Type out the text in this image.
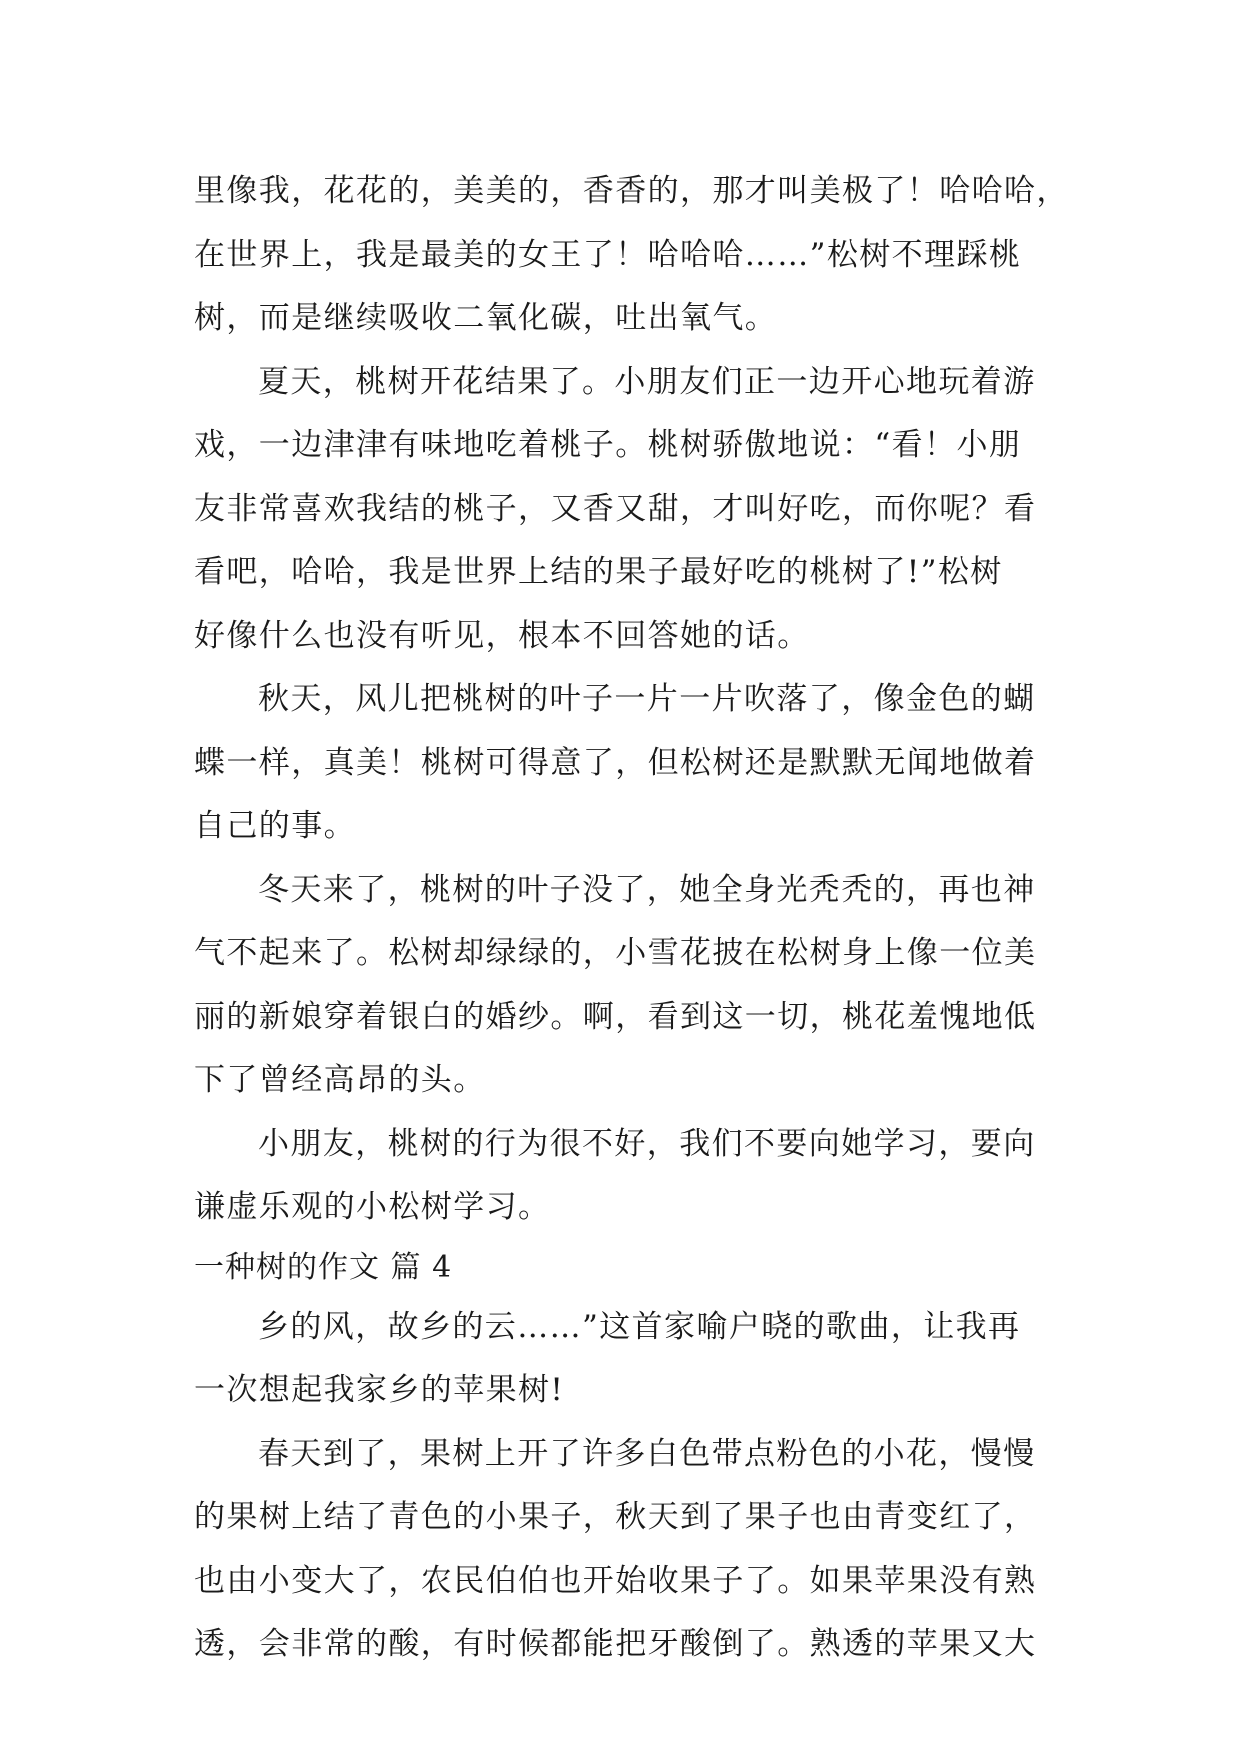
里像我，花花的，美美的，香香的，那才叫美极了！哈哈哈，
在世界上，我是最美的女王了！哈哈哈……”松树不理踩桃
树，而是继续吸收二氧化碳，吐出氧气。
夏天，桃树开花结果了。小朋友们正一边开心地玩着游
戏，一边津津有味地吃着桃子。桃树骄傲地说：“看！小朋
友非常喜欢我结的桃子，又香又甜，才叫好吃，而你呢？看
看吧，哈哈，我是世界上结的果子最好吃的桃树了!”松树
好像什么也没有听见，根本不回答她的话。
秋天，风儿把桃树的叶子一片一片吹落了，像金色的蝴
蝶一样，真美！桃树可得意了，但松树还是默默无闻地做着
自己的事。
冬天来了，桃树的叶子没了，她全身光秃秃的，再也神
气不起来了。松树却绿绿的，小雪花披在松树身上像一位美
丽的新娘穿着银白的婚纱。啊，看到这一切，桃花羞愧地低
下了曾经高昂的头。
小朋友，桃树的行为很不好，我们不要向她学习，要向
谦虚乐观的小松树学习。
一种树的作文 篇 4
乡的风，故乡的云……”这首家喻户晓的歌曲，让我再
一次想起我家乡的苹果树!
春天到了，果树上开了许多白色带点粉色的小花，慢慢
的果树上结了青色的小果子，秋天到了果子也由青变红了，
也由小变大了，农民伯伯也开始收果子了。如果苹果没有熟
透，会非常的酸，有时候都能把牙酸倒了。熟透的苹果又大
